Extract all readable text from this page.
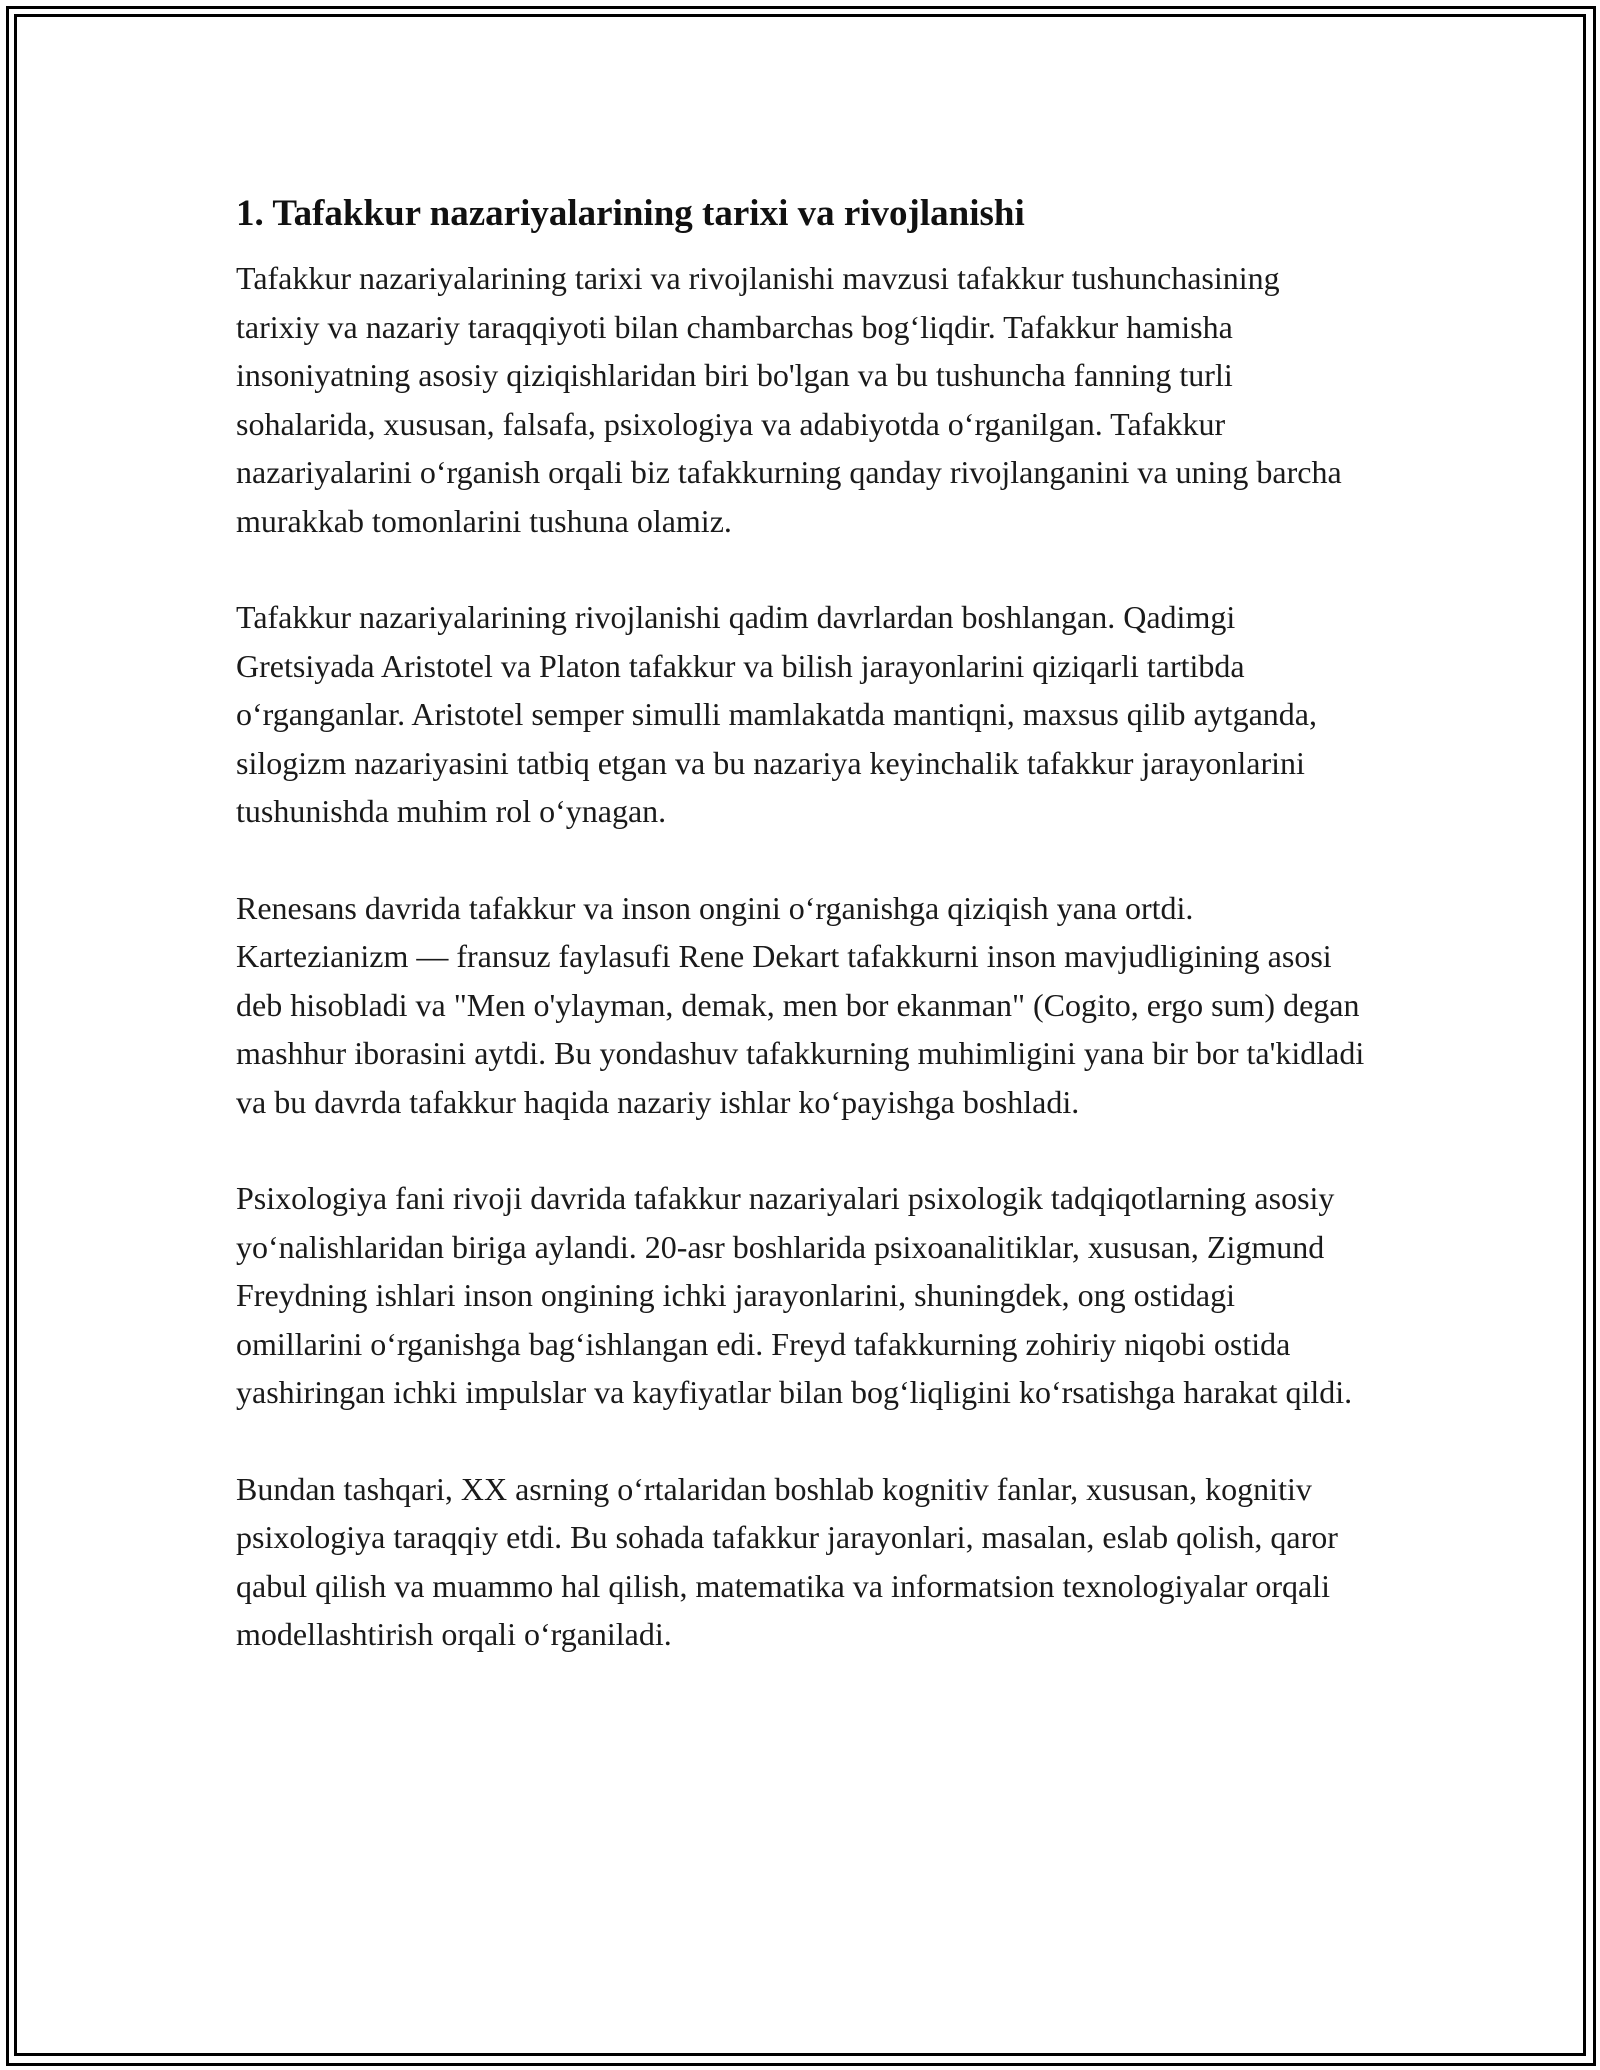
1. Tafakkur nazariyalarining tarixi va rivojlanishi

Tafakkur nazariyalarining tarixi va rivojlanishi mavzusi tafakkur tushunchasining tarixiy va nazariy taraqqiyoti bilan chambarchas bog‘liqdir. Tafakkur hamisha insoniyatning asosiy qiziqishlaridan biri bo'lgan va bu tushuncha fanning turli sohalarida, xususan, falsafa, psixologiya va adabiyotda o‘rganilgan. Tafakkur nazariyalarini o‘rganish orqali biz tafakkurning qanday rivojlanganini va uning barcha murakkab tomonlarini tushuna olamiz.

Tafakkur nazariyalarining rivojlanishi qadim davrlardan boshlangan. Qadimgi Gretsiyada Aristotel va Platon tafakkur va bilish jarayonlarini qiziqarli tartibda o‘rganganlar. Aristotel semper simulli mamlakatda mantiqni, maxsus qilib aytganda, silogizm nazariyasini tatbiq etgan va bu nazariya keyinchalik tafakkur jarayonlarini tushunishda muhim rol o‘ynagan.

Renesans davrida tafakkur va inson ongini o‘rganishga qiziqish yana ortdi. Kartezianizm — fransuz faylasufi Rene Dekart tafakkurni inson mavjudligining asosi deb hisobladi va "Men o'ylayman, demak, men bor ekanman" (Cogito, ergo sum) degan mashhur iborasini aytdi. Bu yondashuv tafakkurning muhimligini yana bir bor ta'kidladi va bu davrda tafakkur haqida nazariy ishlar ko‘payishga boshladi.

Psixologiya fani rivoji davrida tafakkur nazariyalari psixologik tadqiqotlarning asosiy yo‘nalishlaridan biriga aylandi. 20-asr boshlarida psixoanalitiklar, xususan, Zigmund Freydning ishlari inson ongining ichki jarayonlarini, shuningdek, ong ostidagi omillarini o‘rganishga bag‘ishlangan edi. Freyd tafakkurning zohiriy niqobi ostida yashiringan ichki impulslar va kayfiyatlar bilan bog‘liqligini ko‘rsatishga harakat qildi.

Bundan tashqari, XX asrning o‘rtalaridan boshlab kognitiv fanlar, xususan, kognitiv psixologiya taraqqiy etdi. Bu sohada tafakkur jarayonlari, masalan, eslab qolish, qaror qabul qilish va muammo hal qilish, matematika va informatsion texnologiyalar orqali modellashtirish orqali o‘rganiladi.
